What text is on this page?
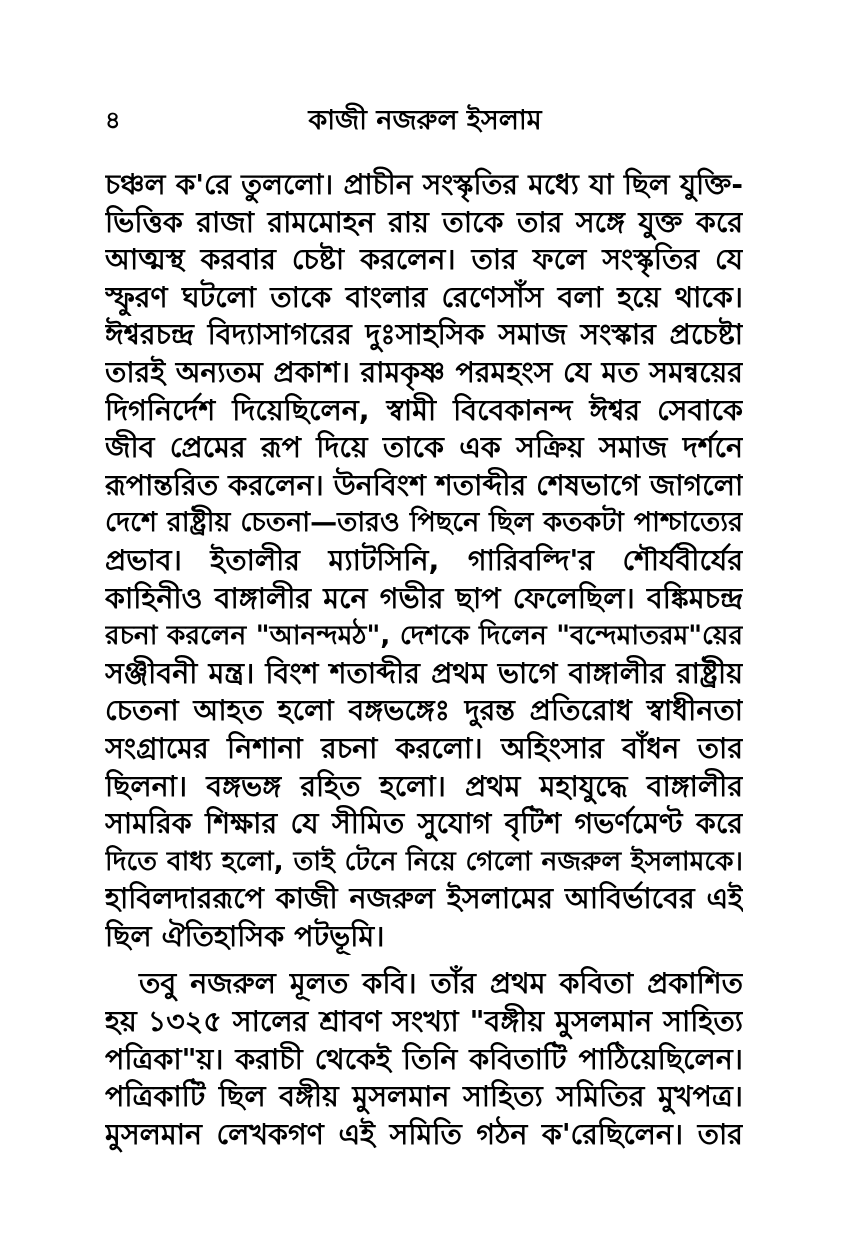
৪	কাজী নজরুল ইসলাম
চঞ্চল ক'রে তুললো। প্রাচীন সংস্কৃতির মধ্যে যা ছিল যুক্তি-
ভিত্তিক রাজা রামমোহন রায় তাকে তার সঙ্গে যুক্ত করে
আত্মস্থ করবার চেষ্টা করলেন। তার ফলে সংস্কৃতির যে
স্ফুরণ ঘটলো তাকে বাংলার রেণেসাঁস বলা হয়ে থাকে।
ঈশ্বরচন্দ্র বিদ্যাসাগরের দুঃসাহসিক সমাজ সংস্কার প্রচেষ্টা
তারই অন্যতম প্রকাশ। রামকৃষ্ণ পরমহংস যে মত সমন্বয়ের
দিগনির্দেশ দিয়েছিলেন, স্বামী বিবেকানন্দ ঈশ্বর সেবাকে
জীব প্রেমের রূপ দিয়ে তাকে এক সক্রিয় সমাজ দর্শনে
রূপান্তরিত করলেন। উনবিংশ শতাব্দীর শেষভাগে জাগলো
দেশে রাষ্ট্রীয় চেতনা—তারও পিছনে ছিল কতকটা পাশ্চাত্যের
প্রভাব। ইতালীর ম্যাটসিনি, গারিবল্দি'র শৌর্যবীর্যের
কাহিনীও বাঙ্গালীর মনে গভীর ছাপ ফেলেছিল। বঙ্কিমচন্দ্র
রচনা করলেন "আনন্দমঠ", দেশকে দিলেন "বন্দেমাতরম"য়ের
সঞ্জীবনী মন্ত্র। বিংশ শতাব্দীর প্রথম ভাগে বাঙ্গালীর রাষ্ট্রীয়
চেতনা আহত হলো বঙ্গভঙ্গেঃ দুরন্ত প্রতিরোধ স্বাধীনতা
সংগ্রামের নিশানা রচনা করলো। অহিংসার বাঁধন তার
ছিলনা। বঙ্গভঙ্গ রহিত হলো। প্রথম মহাযুদ্ধে বাঙ্গালীর
সামরিক শিক্ষার যে সীমিত সুযোগ বৃটিশ গভর্ণমেণ্ট করে
দিতে বাধ্য হলো, তাই টেনে নিয়ে গেলো নজরুল ইসলামকে।
হাবিলদাররূপে কাজী নজরুল ইসলামের আবির্ভাবের এই
ছিল ঐতিহাসিক পটভূমি।
তবু নজরুল মূলত কবি। তাঁর প্রথম কবিতা প্রকাশিত
হয় ১৩২৫ সালের শ্রাবণ সংখ্যা "বঙ্গীয় মুসলমান সাহিত্য
পত্রিকা"য়। করাচী থেকেই তিনি কবিতাটি পাঠিয়েছিলেন।
পত্রিকাটি ছিল বঙ্গীয় মুসলমান সাহিত্য সমিতির মুখপত্র।
মুসলমান লেখকগণ এই সমিতি গঠন ক'রেছিলেন। তার
